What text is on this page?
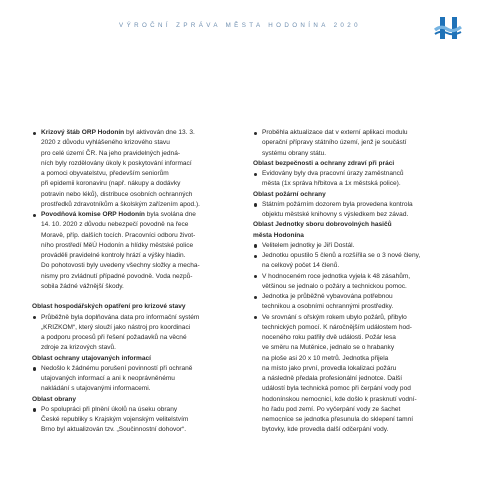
VÝROČNÍ ZPRÁVA MĚSTA HODONÍNA 2020
Krizový štáb ORP Hodonín byl aktivován dne 13. 3.
2020 z důvodu vyhlášeného krizového stavu
pro celé území ČR. Na jeho pravidelných jedná-
ních byly rozdělovány úkoly k poskytování informací
a pomoci obyvatelstvu, především seniorům
při epidemii koronaviru (např. nákupy a dodávky
potravin nebo léků), distribuce osobních ochranných
prostředků zdravotníkům a školským zařízením apod.).
Povodňová komise ORP Hodonín byla svolána dne
14. 10. 2020 z důvodu nebezpečí povodně na řece
Moravě, příp. dalších tocích. Pracovníci odboru život-
ního prostředí MěÚ Hodonín a hlídky městské police
prováděli pravidelné kontroly hrází a výšky hladin.
Do pohotovosti byly uvedeny všechny složky a mecha-
nismy pro zvládnutí případné povodně. Voda nezpů-
sobila žádné vážnější škody.
Oblast hospodářských opatření pro krizové stavy
Průběžně byla doplňována data pro informační systém
„KRIZKOM“, který slouží jako nástroj pro koordinaci
a podporu procesů při řešení požadavků na věcné
zdroje za krizových stavů.
Oblast ochrany utajovaných informací
Nedošlo k žádnému porušení povinností při ochraně
utajovaných informací a ani k neoprávněnému
nakládání s utajovanými informacemi.
Oblast obrany
Po spolupráci při plnění úkolů na úseku obrany
České republiky s Krajským vojenským velitelstvím
Brno byl aktualizován tzv. „Součinnostní dohovor“.
Proběhla aktualizace dat v externí aplikaci modulu
operační přípravy státního území, jenž je součástí
systému obrany státu.
Oblast bezpečnosti a ochrany zdraví při práci
Evidovány byly dva pracovní úrazy zaměstnanců
města (1x správa hřbitova a 1x městská police).
Oblast požární ochrany
Státním požárním dozorem byla provedena kontrola
objektu městské knihovny s výsledkem bez závad.
Oblast Jednotky sboru dobrovolných hasičů
města Hodonína
Velitelem jednotky je Jiří Dostál.
Jednotku opustilo 5 členů a rozšířila se o 3 nové členy,
na celkový počet 14 členů.
V hodnoceném roce jednotka vyjela k 48 zásahům,
většinou se jednalo o požáry a technickou pomoc.
Jednotka je průběžně vybavována potřebnou
technikou a osobními ochrannými prostředky.
Ve srovnání s ořským rokem ubylo požárů, přibylo
technických pomocí. K náročnějším událostem hod-
noceného roku patřily dvě události. Požár lesa
ve směru na Mutěnice, jednalo se o hrabanky
na ploše asi 20 x 10 metrů. Jednotka přijela
na místo jako první, provedla lokalizaci požáru
a následně předala profesionální jednotce. Další
událostí byla technická pomoc při čerpání vody pod
hodonínskou nemocnicí, kde došlo k prasknutí vodní-
ho řadu pod zemí. Po vyčerpání vody ze šachet
nemocnice se jednotka přesunula do sklepení tamní
bytovky, kde provedla další odčerpání vody.
